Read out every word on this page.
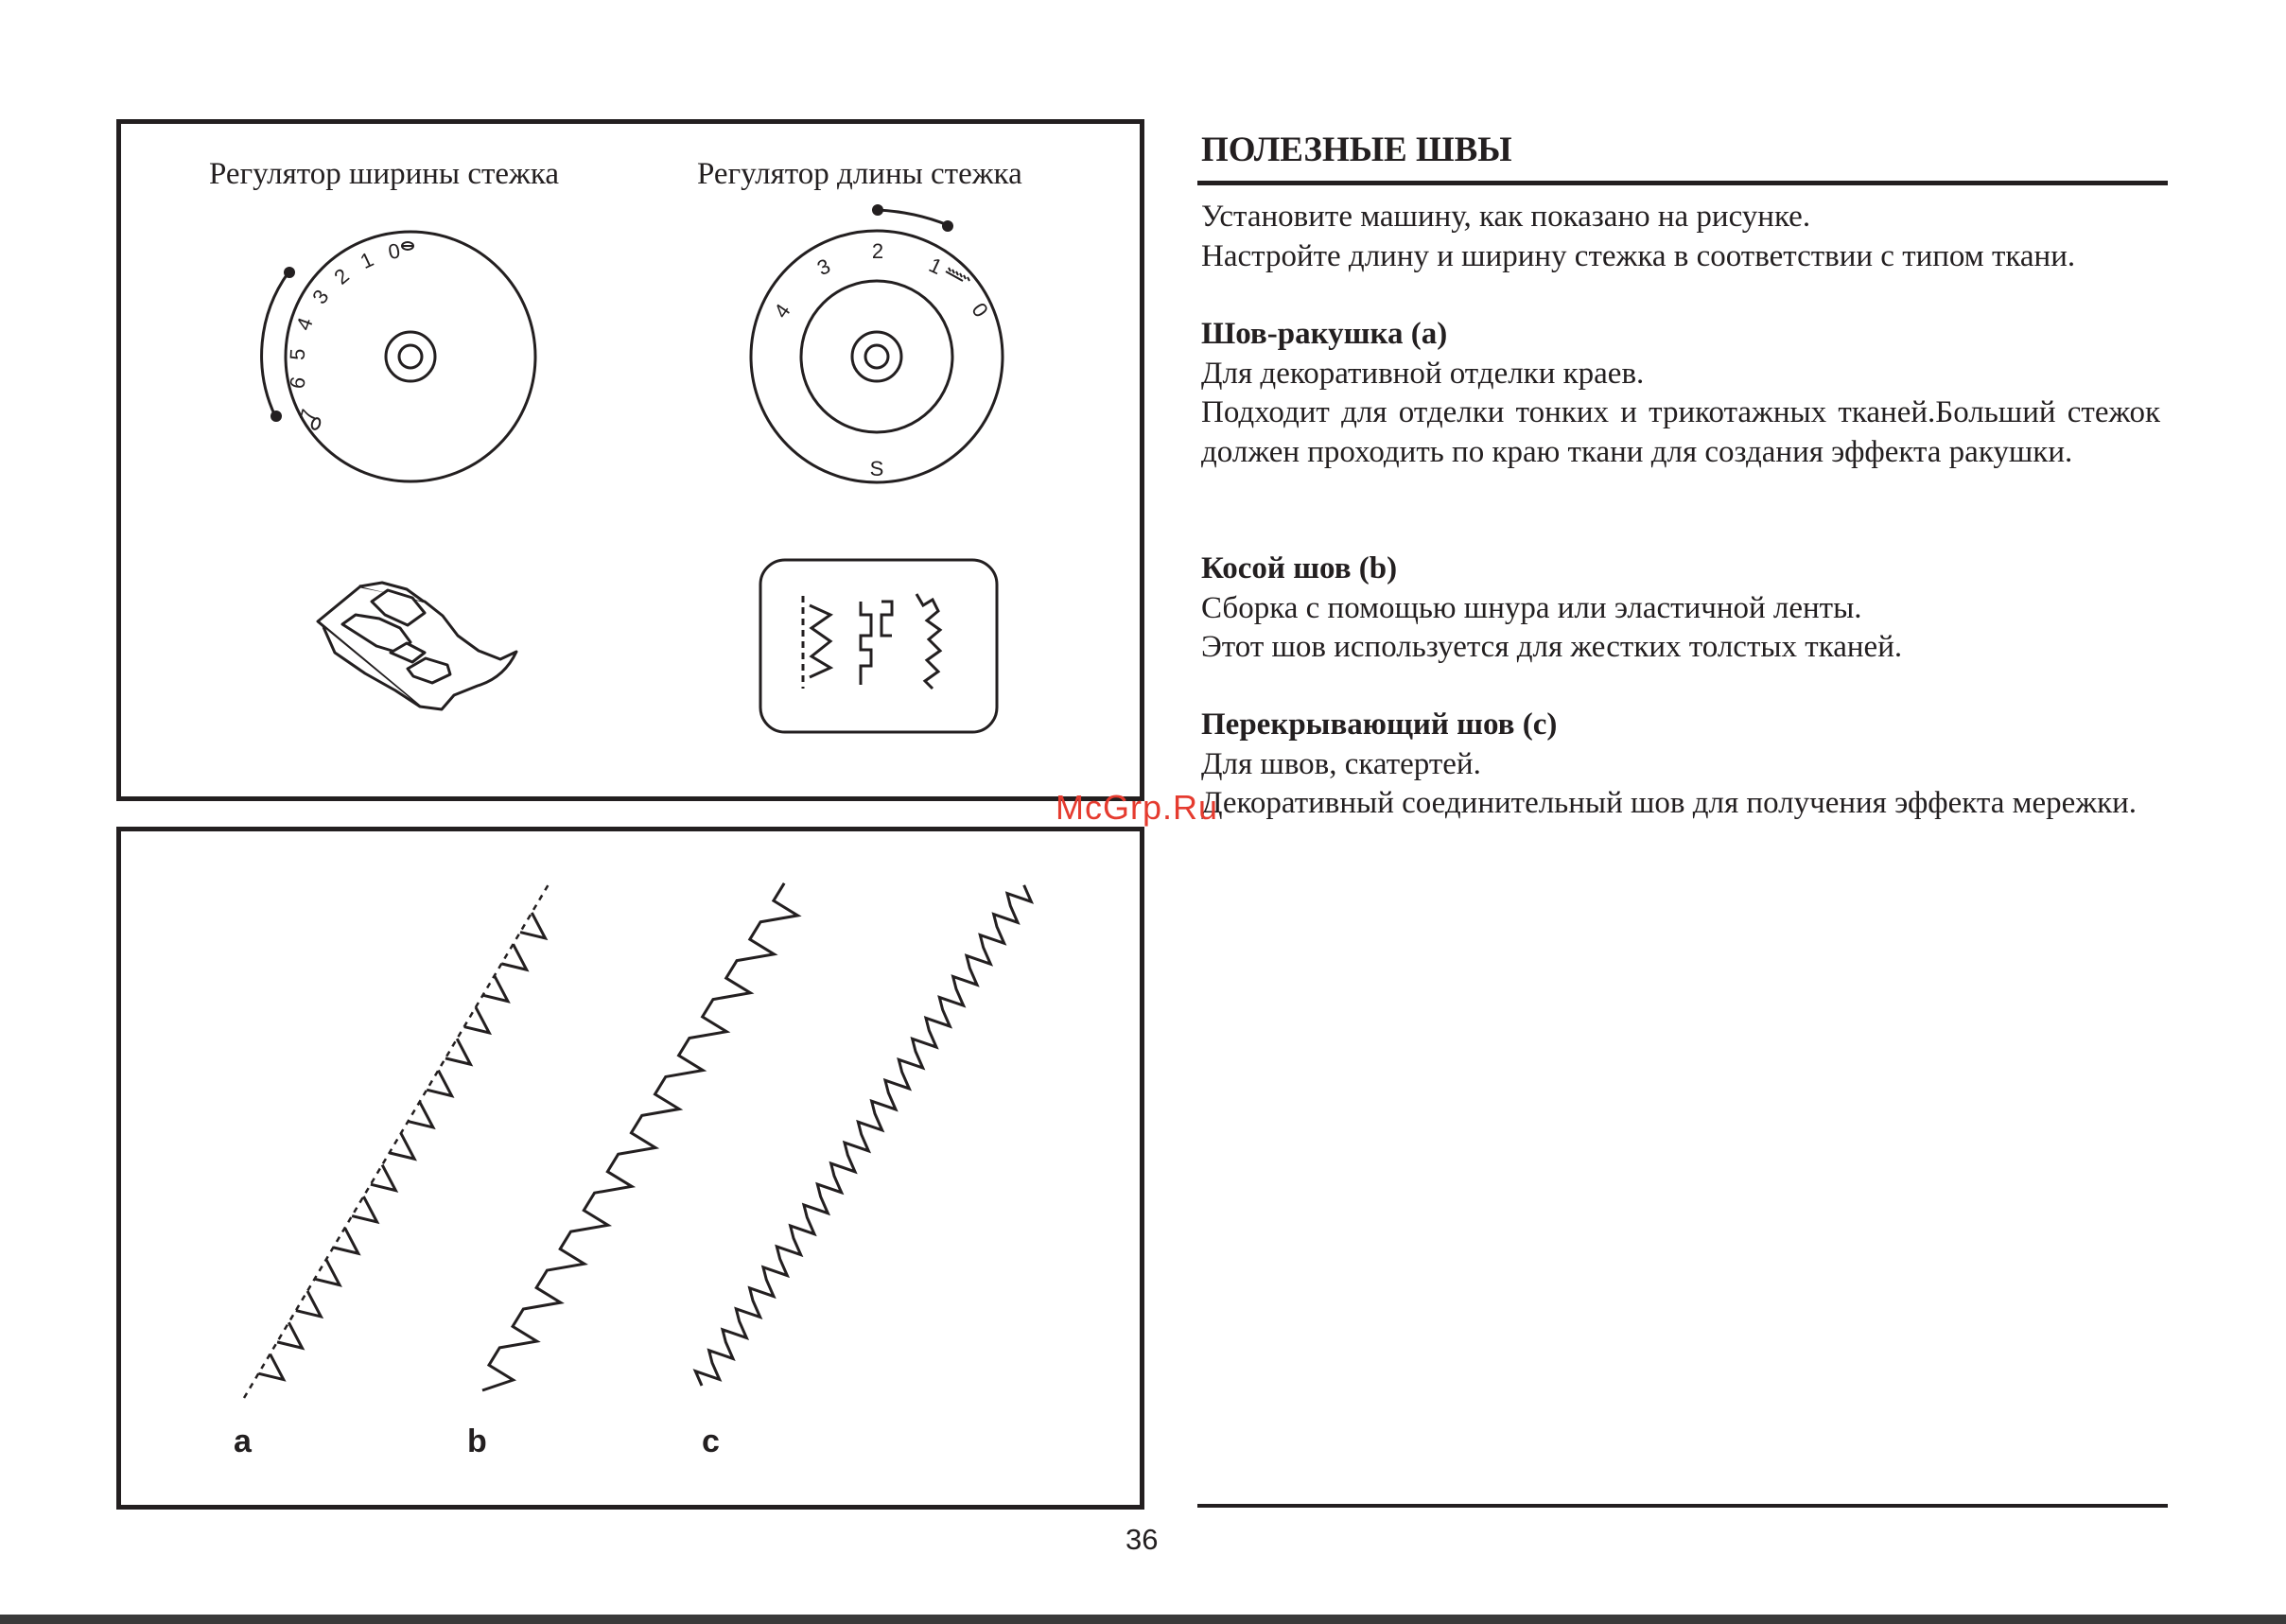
Регулятор ширины стежка	Регулятор длины стежка
7
6
5
4
3
2
1 0
4
3
2
1
0
S
a	b	c
ПОЛЕЗНЫЕ ШВЫ

Установите машину, как показано на рисунке.

Настройте длину и ширину стежка в соответствии с типом ткани.

Шов-ракушка (a)

Для декоративной отделки краев.

Подходит для отделки тонких и трикотажных тканей.Больший стежок должен проходить по краю ткани для создания эффекта ракушки.

Косой шов (b)

Сборка с помощью шнура или эластичной ленты.

Этот шов используется для жестких толстых тканей.

Перекрывающий шов (c)

Для швов, скатертей.

Декоративный соединительный шов для получения эффекта мережки.

McGrp.Ru
36
